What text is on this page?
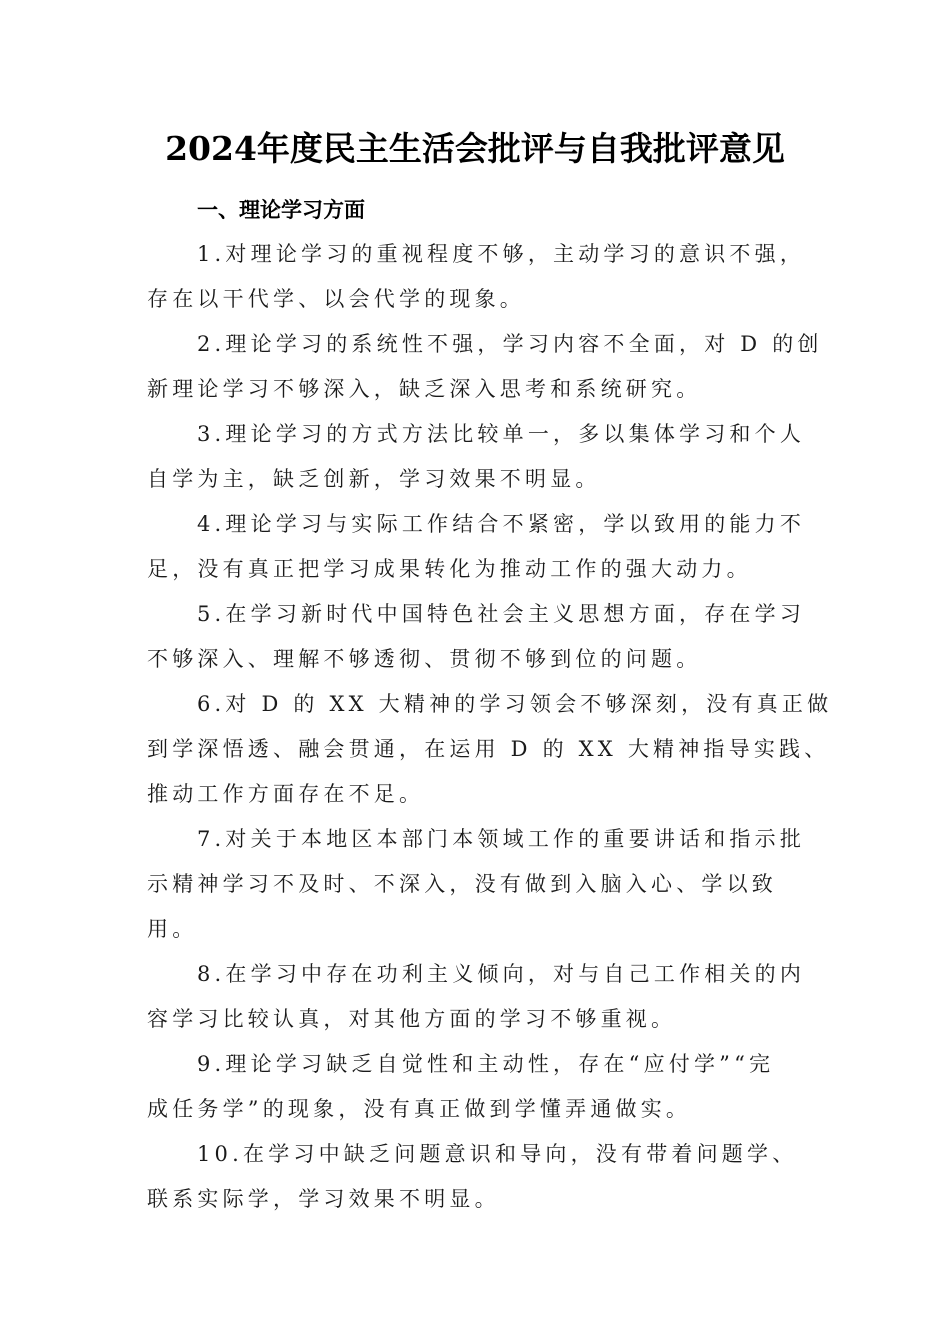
2024年度民主生活会批评与自我批评意见
一、理论学习方面
1.对理论学习的重视程度不够，主动学习的意识不强，
存在以干代学、以会代学的现象。
2.理论学习的系统性不强，学习内容不全面，对 D 的创
新理论学习不够深入，缺乏深入思考和系统研究。
3.理论学习的方式方法比较单一，多以集体学习和个人
自学为主，缺乏创新，学习效果不明显。
4.理论学习与实际工作结合不紧密，学以致用的能力不
足，没有真正把学习成果转化为推动工作的强大动力。
5.在学习新时代中国特色社会主义思想方面，存在学习
不够深入、理解不够透彻、贯彻不够到位的问题。
6.对 D 的 XX 大精神的学习领会不够深刻，没有真正做
到学深悟透、融会贯通，在运用 D 的 XX 大精神指导实践、
推动工作方面存在不足。
7.对关于本地区本部门本领域工作的重要讲话和指示批
示精神学习不及时、不深入，没有做到入脑入心、学以致
用。
8.在学习中存在功利主义倾向，对与自己工作相关的内
容学习比较认真，对其他方面的学习不够重视。
9.理论学习缺乏自觉性和主动性，存在“应付学”“完
成任务学”的现象，没有真正做到学懂弄通做实。
10.在学习中缺乏问题意识和导向，没有带着问题学、
联系实际学，学习效果不明显。
